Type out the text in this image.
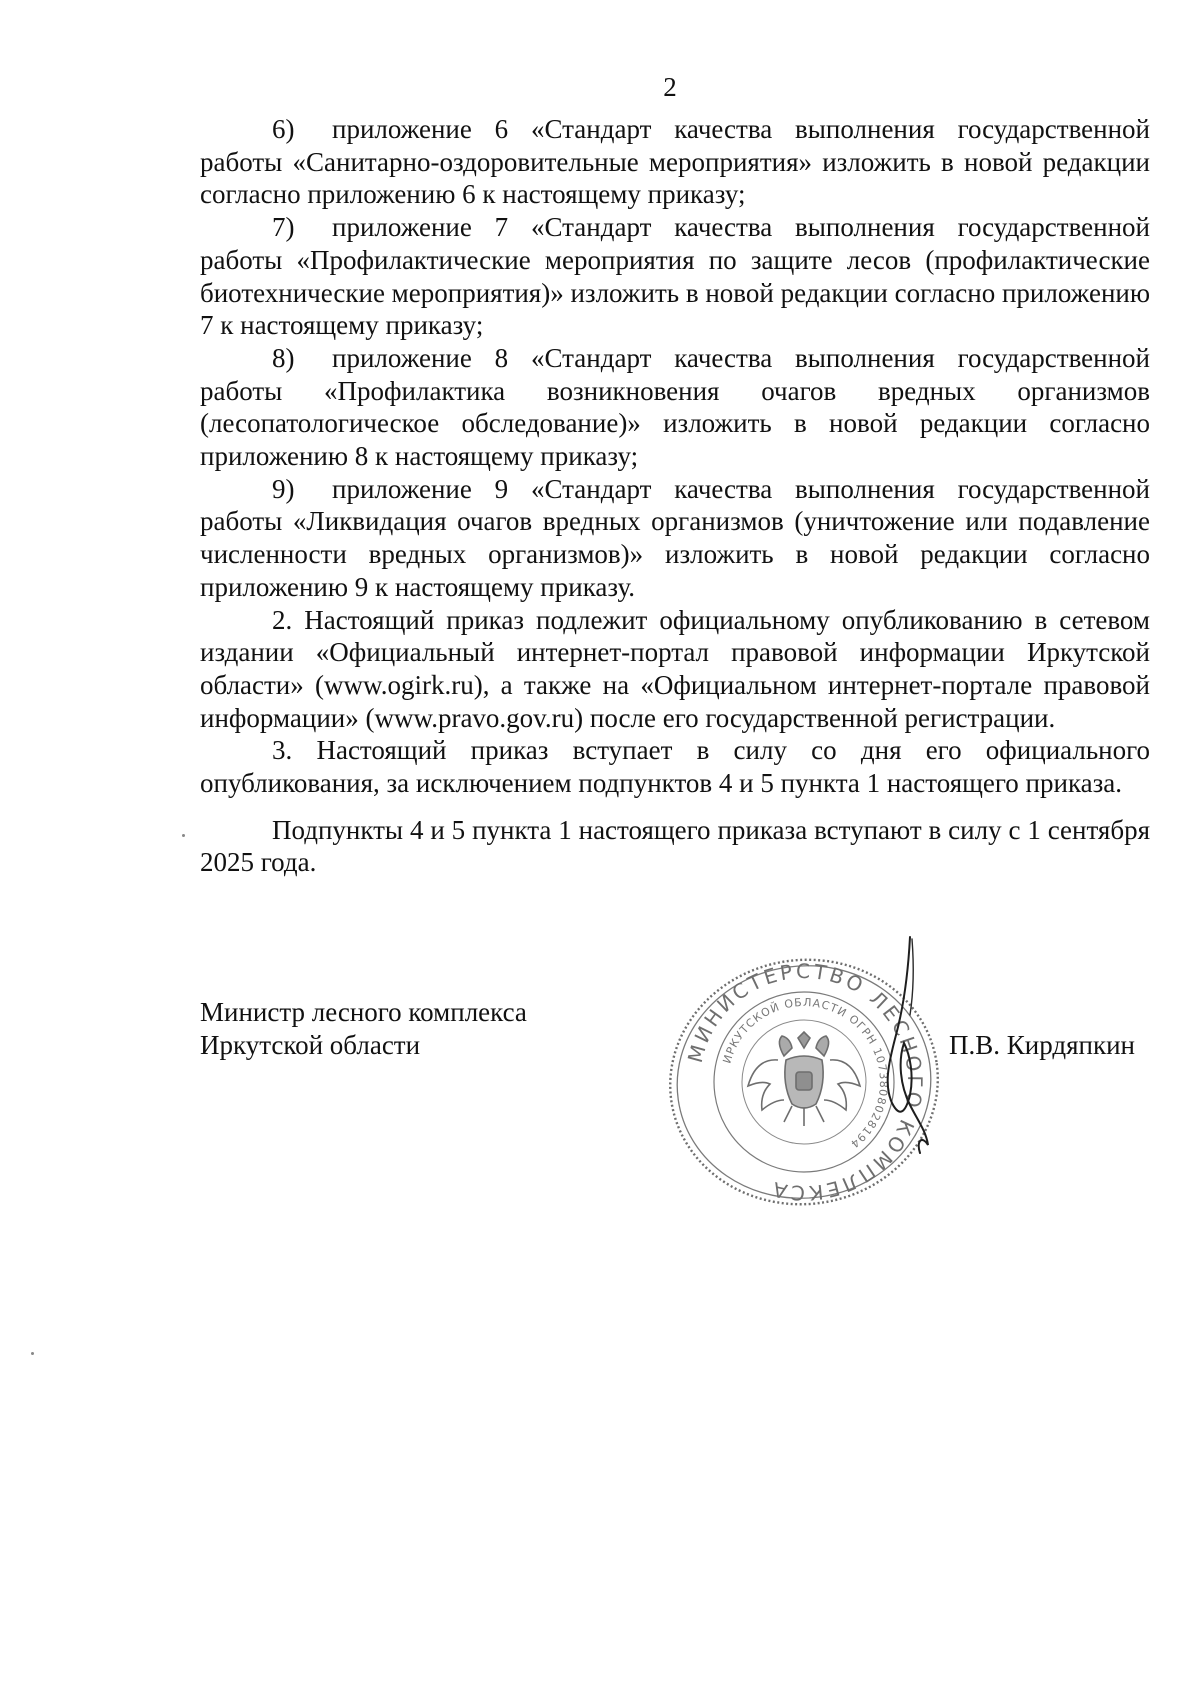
2

6) приложение 6 «Стандарт качества выполнения государственной работы «Санитарно-оздоровительные мероприятия» изложить в новой редакции согласно приложению 6 к настоящему приказу;

7) приложение 7 «Стандарт качества выполнения государственной работы «Профилактические мероприятия по защите лесов (профилактические биотехнические мероприятия)» изложить в новой редакции согласно приложению 7 к настоящему приказу;

8) приложение 8 «Стандарт качества выполнения государственной работы «Профилактика возникновения очагов вредных организмов (лесопатологическое обследование)» изложить в новой редакции согласно приложению 8 к настоящему приказу;

9) приложение 9 «Стандарт качества выполнения государственной работы «Ликвидация очагов вредных организмов (уничтожение или подавление численности вредных организмов)» изложить в новой редакции согласно приложению 9 к настоящему приказу.

2. Настоящий приказ подлежит официальному опубликованию в сетевом издании «Официальный интернет-портал правовой информации Иркутской области» (www.ogirk.ru), а также на «Официальном интернет-портале правовой информации» (www.pravo.gov.ru) после его государственной регистрации.

3. Настоящий приказ вступает в силу со дня его официального опубликования, за исключением подпунктов 4 и 5 пункта 1 настоящего приказа.

Подпункты 4 и 5 пункта 1 настоящего приказа вступают в силу с 1 сентября 2025 года.

Министр лесного комплекса
Иркутской области	МИНИСТЕРСТВО ЛЕСНОГО КОМПЛЕКСА
ИРКУТСКОЙ ОБЛАСТИ ОГРН 1073808028194
П.В. Кирдяпкин
